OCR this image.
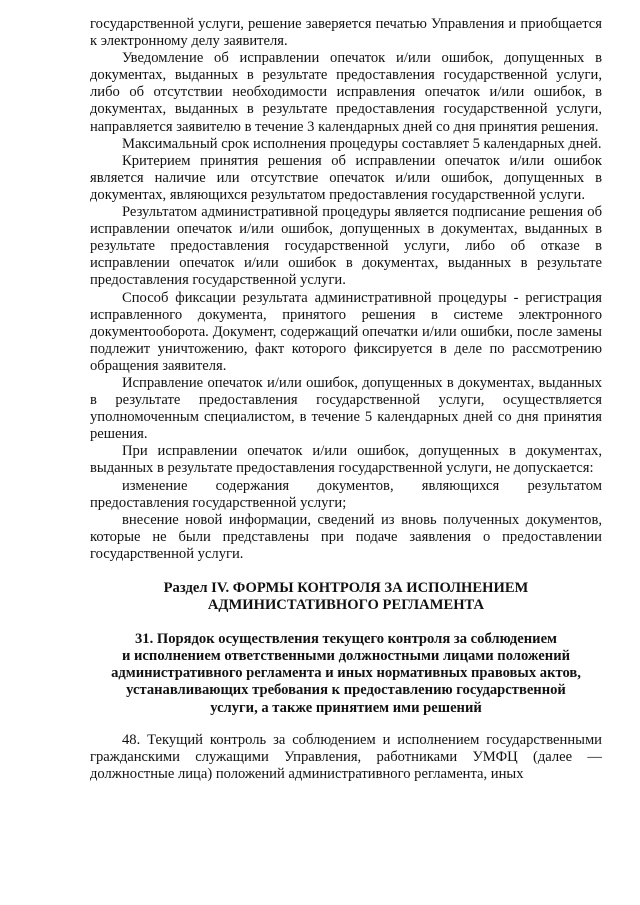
государственной услуги, решение заверяется печатью Управления и приобщается к электронному делу заявителя.

Уведомление об исправлении опечаток и/или ошибок, допущенных в документах, выданных в результате предоставления государственной услуги, либо об отсутствии необходимости исправления опечаток и/или ошибок, в документах, выданных в результате предоставления государственной услуги, направляется заявителю в течение 3 календарных дней со дня принятия решения.

Максимальный срок исполнения процедуры составляет 5 календарных дней.

Критерием принятия решения об исправлении опечаток и/или ошибок является наличие или отсутствие опечаток и/или ошибок, допущенных в документах, являющихся результатом предоставления государственной услуги.

Результатом административной процедуры является подписание решения об исправлении опечаток и/или ошибок, допущенных в документах, выданных в результате предоставления государственной услуги, либо об отказе в исправлении опечаток и/или ошибок в документах, выданных в результате предоставления государственной услуги.

Способ фиксации результата административной процедуры - регистрация исправленного документа, принятого решения в системе электронного документооборота. Документ, содержащий опечатки и/или ошибки, после замены подлежит уничтожению, факт которого фиксируется в деле по рассмотрению обращения заявителя.

Исправление опечаток и/или ошибок, допущенных в документах, выданных в результате предоставления государственной услуги, осуществляется уполномоченным специалистом, в течение 5 календарных дней со дня принятия решения.

При исправлении опечаток и/или ошибок, допущенных в документах, выданных в результате предоставления государственной услуги, не допускается:

изменение содержания документов, являющихся результатом предоставления государственной услуги;

внесение новой информации, сведений из вновь полученных документов, которые не были представлены при подаче заявления о предоставлении государственной услуги.

Раздел IV. ФОРМЫ КОНТРОЛЯ ЗА ИСПОЛНЕНИЕМ

АДМИНИСТАТИВНОГО РЕГЛАМЕНТА

31. Порядок осуществления текущего контроля за соблюдением

и исполнением ответственными должностными лицами положений

административного регламента и иных нормативных правовых актов,

устанавливающих требования к предоставлению государственной

услуги, а также принятием ими решений

48. Текущий контроль за соблюдением и исполнением государственными гражданскими служащими Управления, работниками УМФЦ (далее — должностные лица) положений административного регламента, иных
